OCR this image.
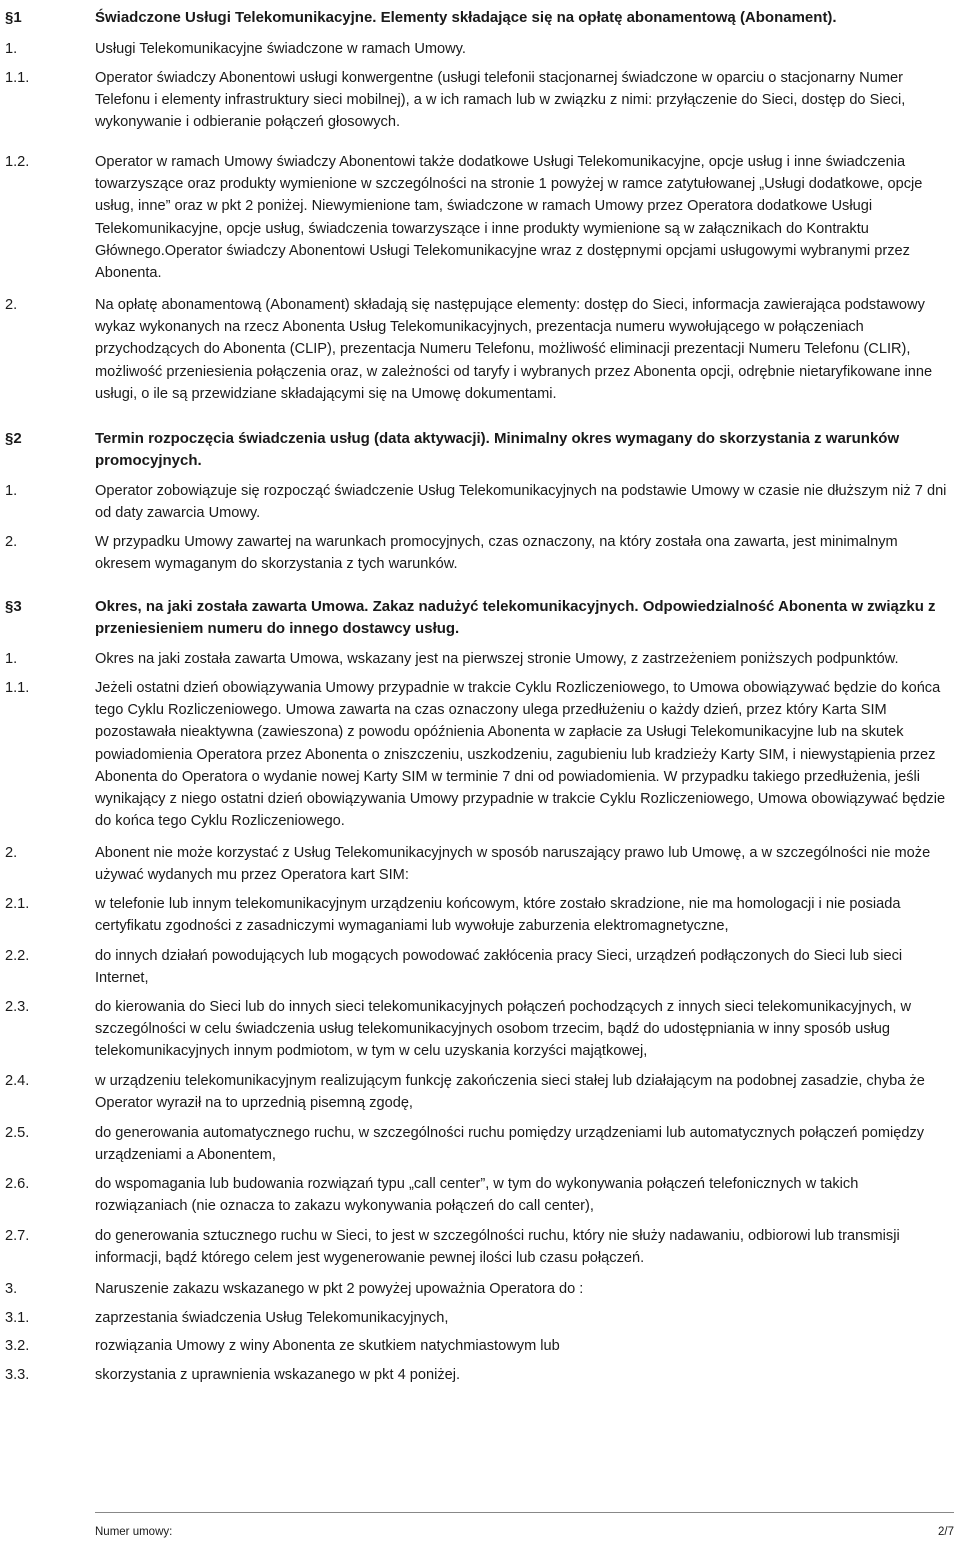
§1	Świadczone Usługi Telekomunikacyjne. Elementy składające się na opłatę abonamentową (Abonament).
1.	Usługi Telekomunikacyjne świadczone w ramach Umowy.
1.1.	Operator świadczy Abonentowi usługi konwergentne (usługi telefonii stacjonarnej świadczone w oparciu o stacjonarny Numer Telefonu i elementy infrastruktury sieci mobilnej), a w ich ramach lub w związku z nimi: przyłączenie do Sieci, dostęp do Sieci, wykonywanie i odbieranie połączeń głosowych.
1.2.	Operator w ramach Umowy świadczy Abonentowi także dodatkowe Usługi Telekomunikacyjne, opcje usług i inne świadczenia towarzyszące oraz produkty wymienione w szczególności na stronie 1 powyżej w ramce zatytułowanej „Usługi dodatkowe, opcje usług, inne” oraz w pkt 2 poniżej. Niewymienione tam, świadczone w ramach Umowy przez Operatora dodatkowe Usługi Telekomunikacyjne, opcje usług, świadczenia towarzyszące i inne produkty wymienione są w załącznikach do Kontraktu Głównego.Operator świadczy Abonentowi Usługi Telekomunikacyjne wraz z dostępnymi opcjami usługowymi wybranymi przez Abonenta.
2.	Na opłatę abonamentową (Abonament) składają się następujące elementy: dostęp do Sieci, informacja zawierająca podstawowy wykaz wykonanych na rzecz Abonenta Usług Telekomunikacyjnych, prezentacja numeru wywołującego w połączeniach przychodzących do Abonenta (CLIP), prezentacja Numeru Telefonu, możliwość eliminacji prezentacji Numeru Telefonu (CLIR), możliwość przeniesienia połączenia oraz, w zależności od taryfy i wybranych przez Abonenta opcji, odrębnie nietaryfikowane inne usługi, o ile są przewidziane składającymi się na Umowę dokumentami.
§2	Termin rozpoczęcia świadczenia usług (data aktywacji). Minimalny okres wymagany do skorzystania z warunków promocyjnych.
1.	Operator zobowiązuje się rozpocząć świadczenie Usług Telekomunikacyjnych na podstawie Umowy w czasie nie dłuższym niż 7 dni od daty zawarcia Umowy.
2.	W przypadku Umowy zawartej na warunkach promocyjnych, czas oznaczony, na który została ona zawarta, jest minimalnym okresem wymaganym do skorzystania z tych warunków.
§3	Okres, na jaki została zawarta Umowa. Zakaz nadużyć telekomunikacyjnych. Odpowiedzialność Abonenta w związku z przeniesieniem numeru do innego dostawcy usług.
1.	Okres na jaki została zawarta Umowa, wskazany jest na pierwszej stronie Umowy, z zastrzeżeniem poniższych podpunktów.
1.1.	Jeżeli ostatni dzień obowiązywania Umowy przypadnie w trakcie Cyklu Rozliczeniowego, to Umowa obowiązywać będzie do końca tego Cyklu Rozliczeniowego. Umowa zawarta na czas oznaczony ulega przedłużeniu o każdy dzień, przez który Karta SIM pozostawała nieaktywna (zawieszona) z powodu opóźnienia Abonenta w zapłacie za Usługi Telekomunikacyjne lub na skutek powiadomienia Operatora przez Abonenta o zniszczeniu, uszkodzeniu, zagubieniu lub kradzieży Karty SIM, i niewystąpienia przez Abonenta do Operatora o wydanie nowej Karty SIM w terminie 7 dni od powiadomienia. W przypadku takiego przedłużenia, jeśli wynikający z niego ostatni dzień obowiązywania Umowy przypadnie w trakcie Cyklu Rozliczeniowego, Umowa obowiązywać będzie do końca tego Cyklu Rozliczeniowego.
2.	Abonent nie może korzystać z Usług Telekomunikacyjnych w sposób naruszający prawo lub Umowę, a w szczególności nie może używać wydanych mu przez Operatora kart SIM:
2.1.	w telefonie lub innym telekomunikacyjnym urządzeniu końcowym, które zostało skradzione, nie ma homologacji i nie posiada certyfikatu zgodności z zasadniczymi wymaganiami lub wywołuje zaburzenia elektromagnetyczne,
2.2.	do innych działań powodujących lub mogących powodować zakłócenia pracy Sieci, urządzeń podłączonych do Sieci lub sieci Internet,
2.3.	do kierowania do Sieci lub do innych sieci telekomunikacyjnych połączeń pochodzących z innych sieci telekomunikacyjnych, w szczególności w celu świadczenia usług telekomunikacyjnych osobom trzecim, bądź do udostępniania w inny sposób usług telekomunikacyjnych innym podmiotom, w tym w celu uzyskania korzyści majątkowej,
2.4.	w urządzeniu telekomunikacyjnym realizującym funkcję zakończenia sieci stałej lub działającym na podobnej zasadzie, chyba że Operator wyraził na to uprzednią pisemną zgodę,
2.5.	do generowania automatycznego ruchu, w szczególności ruchu pomiędzy urządzeniami lub automatycznych połączeń pomiędzy urządzeniami a Abonentem,
2.6.	do wspomagania lub budowania rozwiązań typu „call center”, w tym do wykonywania połączeń telefonicznych w takich rozwiązaniach (nie oznacza to zakazu wykonywania połączeń do call center),
2.7.	do generowania sztucznego ruchu w Sieci, to jest w szczególności ruchu, który nie służy nadawaniu, odbiorowi lub transmisji informacji, bądź którego celem jest wygenerowanie pewnej ilości lub czasu połączeń.
3.	Naruszenie zakazu wskazanego w pkt 2 powyżej upoważnia Operatora do :
3.1.	zaprzestania świadczenia Usług Telekomunikacyjnych,
3.2.	rozwiązania Umowy z winy Abonenta ze skutkiem natychmiastowym lub
3.3.	skorzystania z uprawnienia wskazanego w pkt 4 poniżej.
Numer umowy:	2/7
